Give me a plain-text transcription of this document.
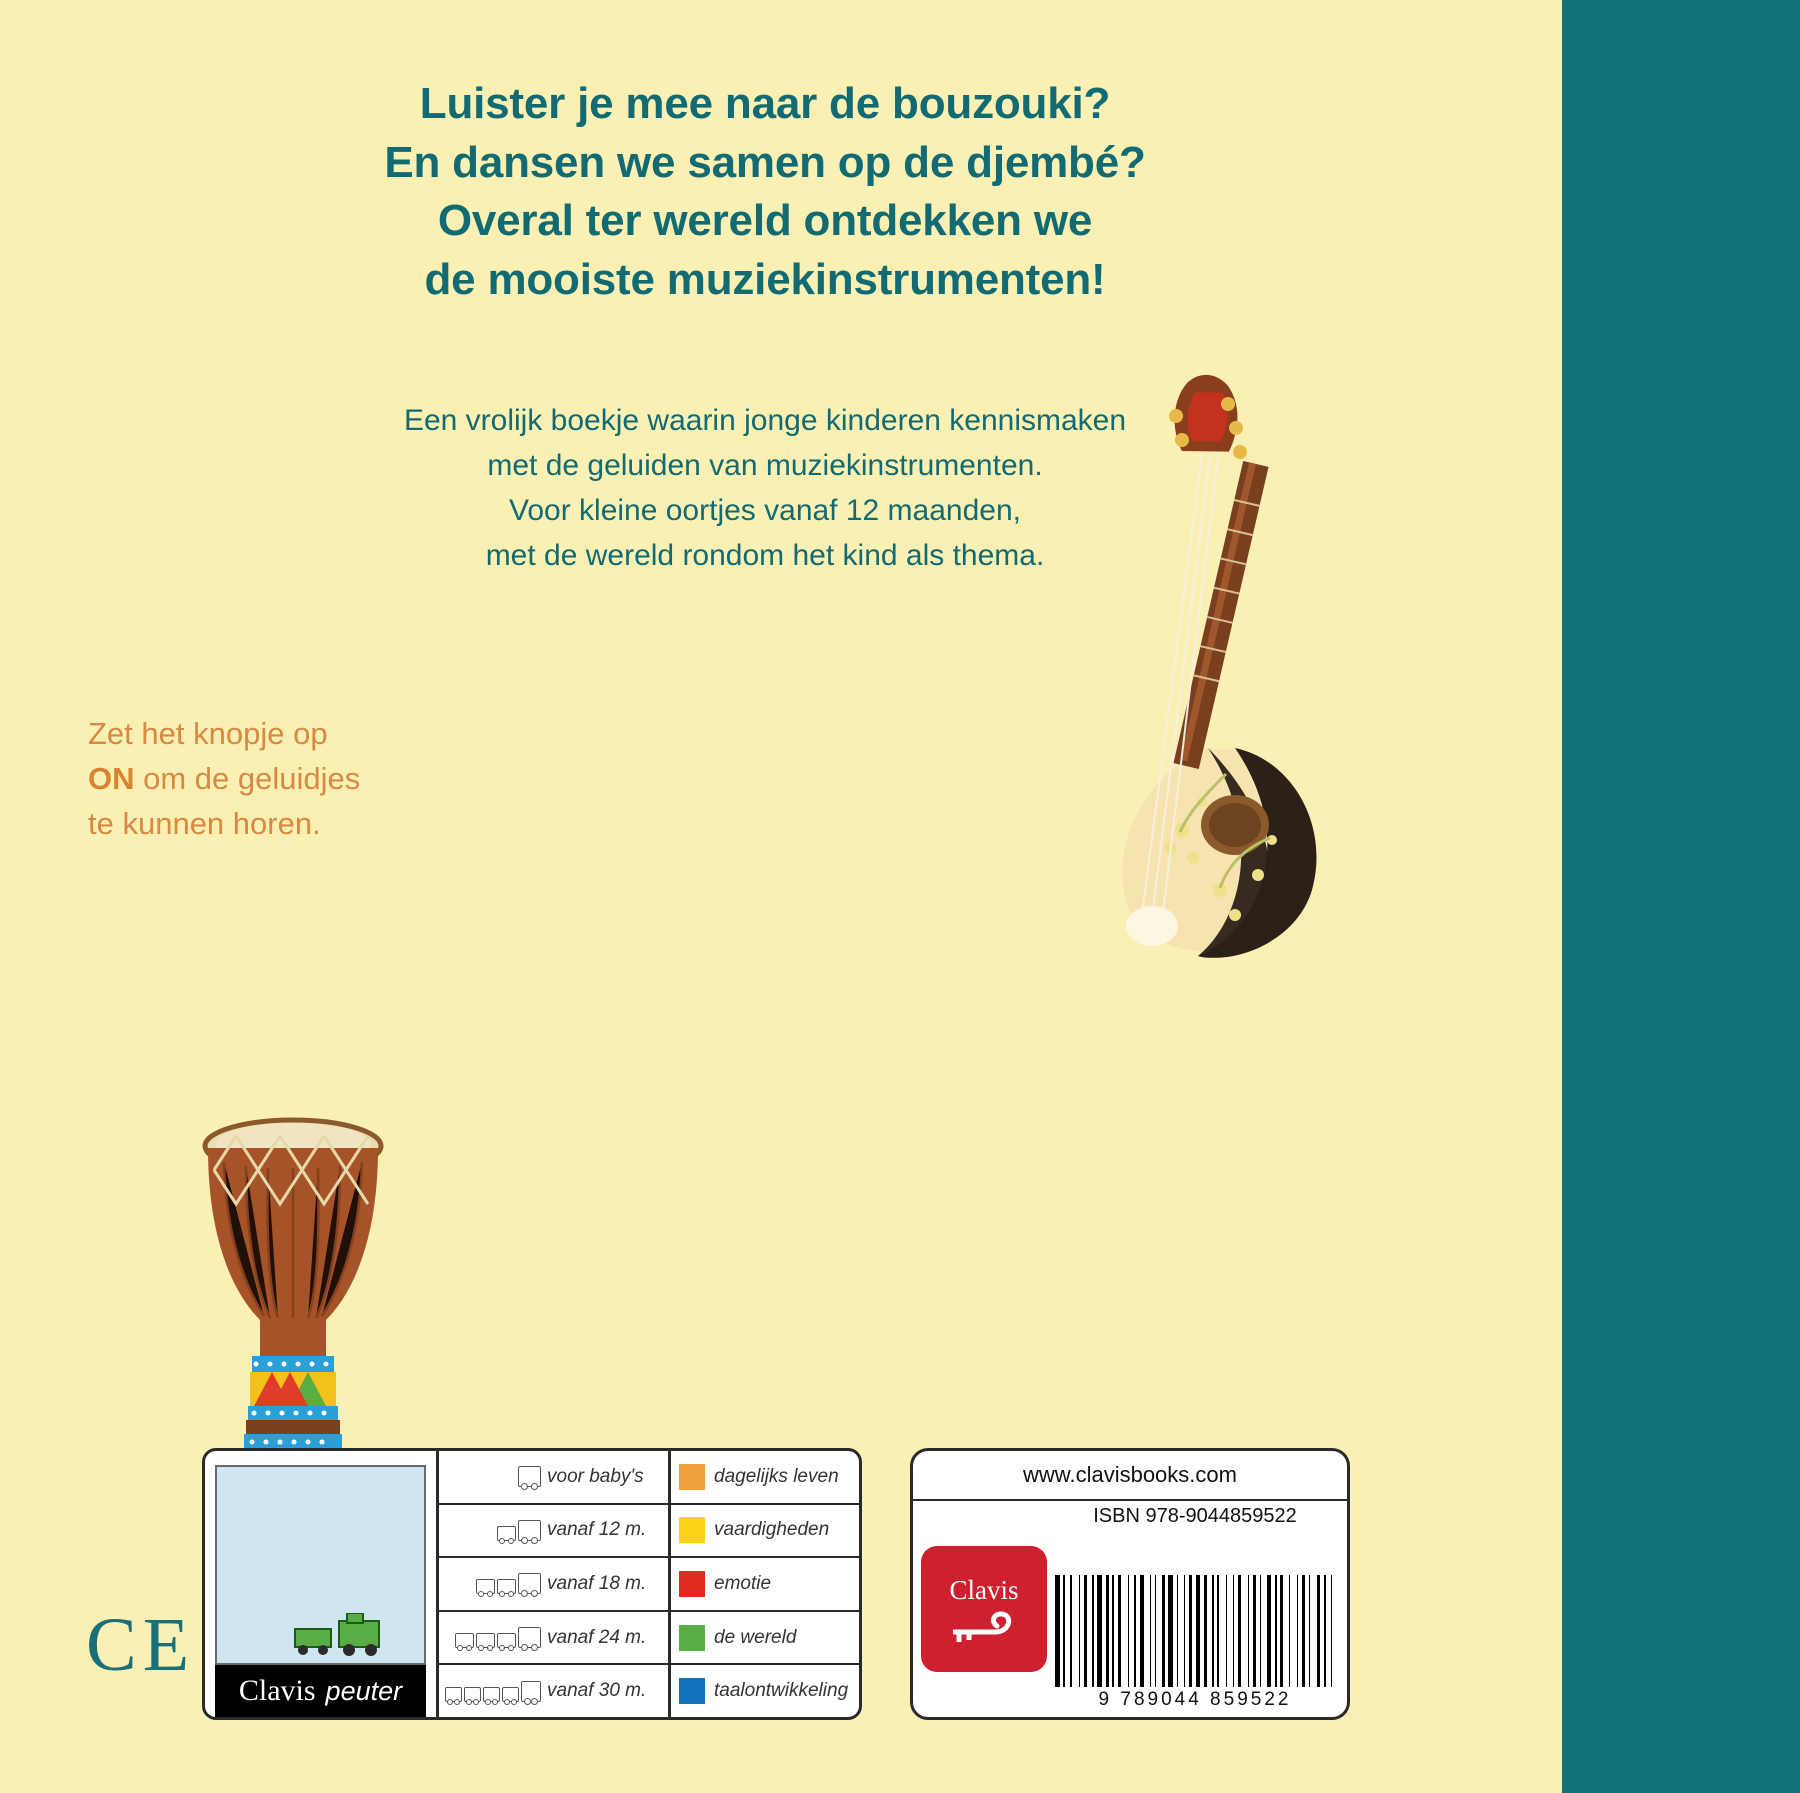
Luister je mee naar de bouzouki?
En dansen we samen op de djembé?
Overal ter wereld ontdekken we
de mooiste muziekinstrumenten!
Een vrolijk boekje waarin jonge kinderen kennismaken
met de geluiden van muziekinstrumenten.
Voor kleine oortjes vanaf 12 maanden,
met de wereld rondom het kind als thema.
Zet het knopje op
ON om de geluidjes
te kunnen horen.
CE
Clavis peuter
voor baby's
vanaf 12 m.
vanaf 18 m.
vanaf 24 m.
vanaf 30 m.
dagelijks leven
vaardigheden
emotie
de wereld
taalontwikkeling
www.clavisbooks.com
Clavis
ISBN 978-9044859522
9 789044 859522
